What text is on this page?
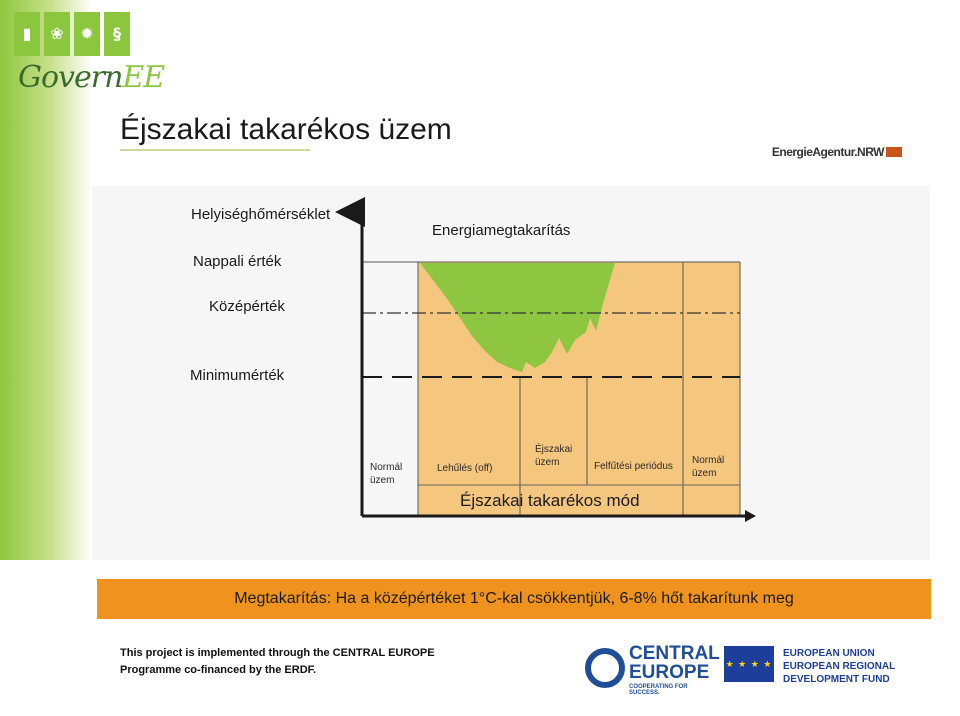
▮	❀	✹	§
GovernEE
Éjszakai takarékos üzem
EnergieAgentur.NRW
Helyiséghőmérséklet
Nappali érték
Középérték
Minimumérték
Energiamegtakarítás
Normál
üzem
Lehűlés (off)
Éjszakai
üzem	Felfűtési periódus
Normál
üzem
Éjszakai takarékos mód
Megtakarítás: Ha a középértéket 1°C-kal csökkentjük, 6-8% hőt takarítunk meg
This project is implemented through the CENTRAL EUROPE
Programme co-financed by the ERDF.
CENTRAL
EUROPE
COOPERATING FOR SUCCESS.
★ ★ ★ ★
EUROPEAN UNION
EUROPEAN REGIONAL
DEVELOPMENT FUND
